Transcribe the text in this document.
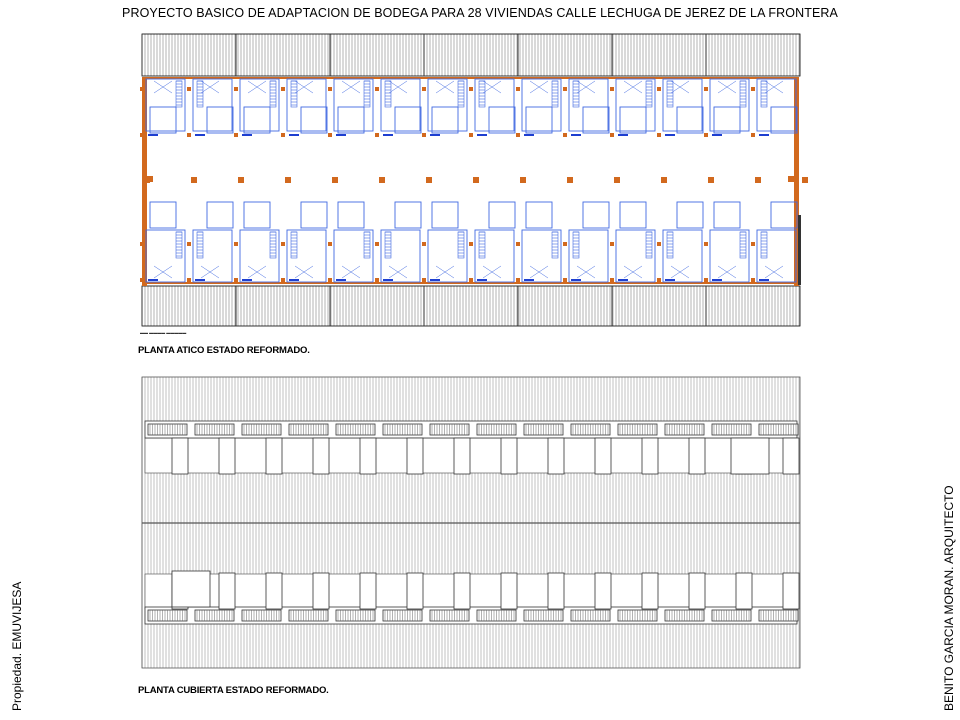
PROYECTO BASICO DE ADAPTACION DE BODEGA PARA 28 VIVIENDAS CALLE LECHUGA DE JEREZ DE LA FRONTERA
▬▬ ▬▬▬▬ ▬▬▬▬▬
PLANTA ATICO ESTADO REFORMADO.
PLANTA CUBIERTA ESTADO REFORMADO.
Propiedad. EMUVIJESA	BENITO GARCIA MORAN. ARQUITECTO
